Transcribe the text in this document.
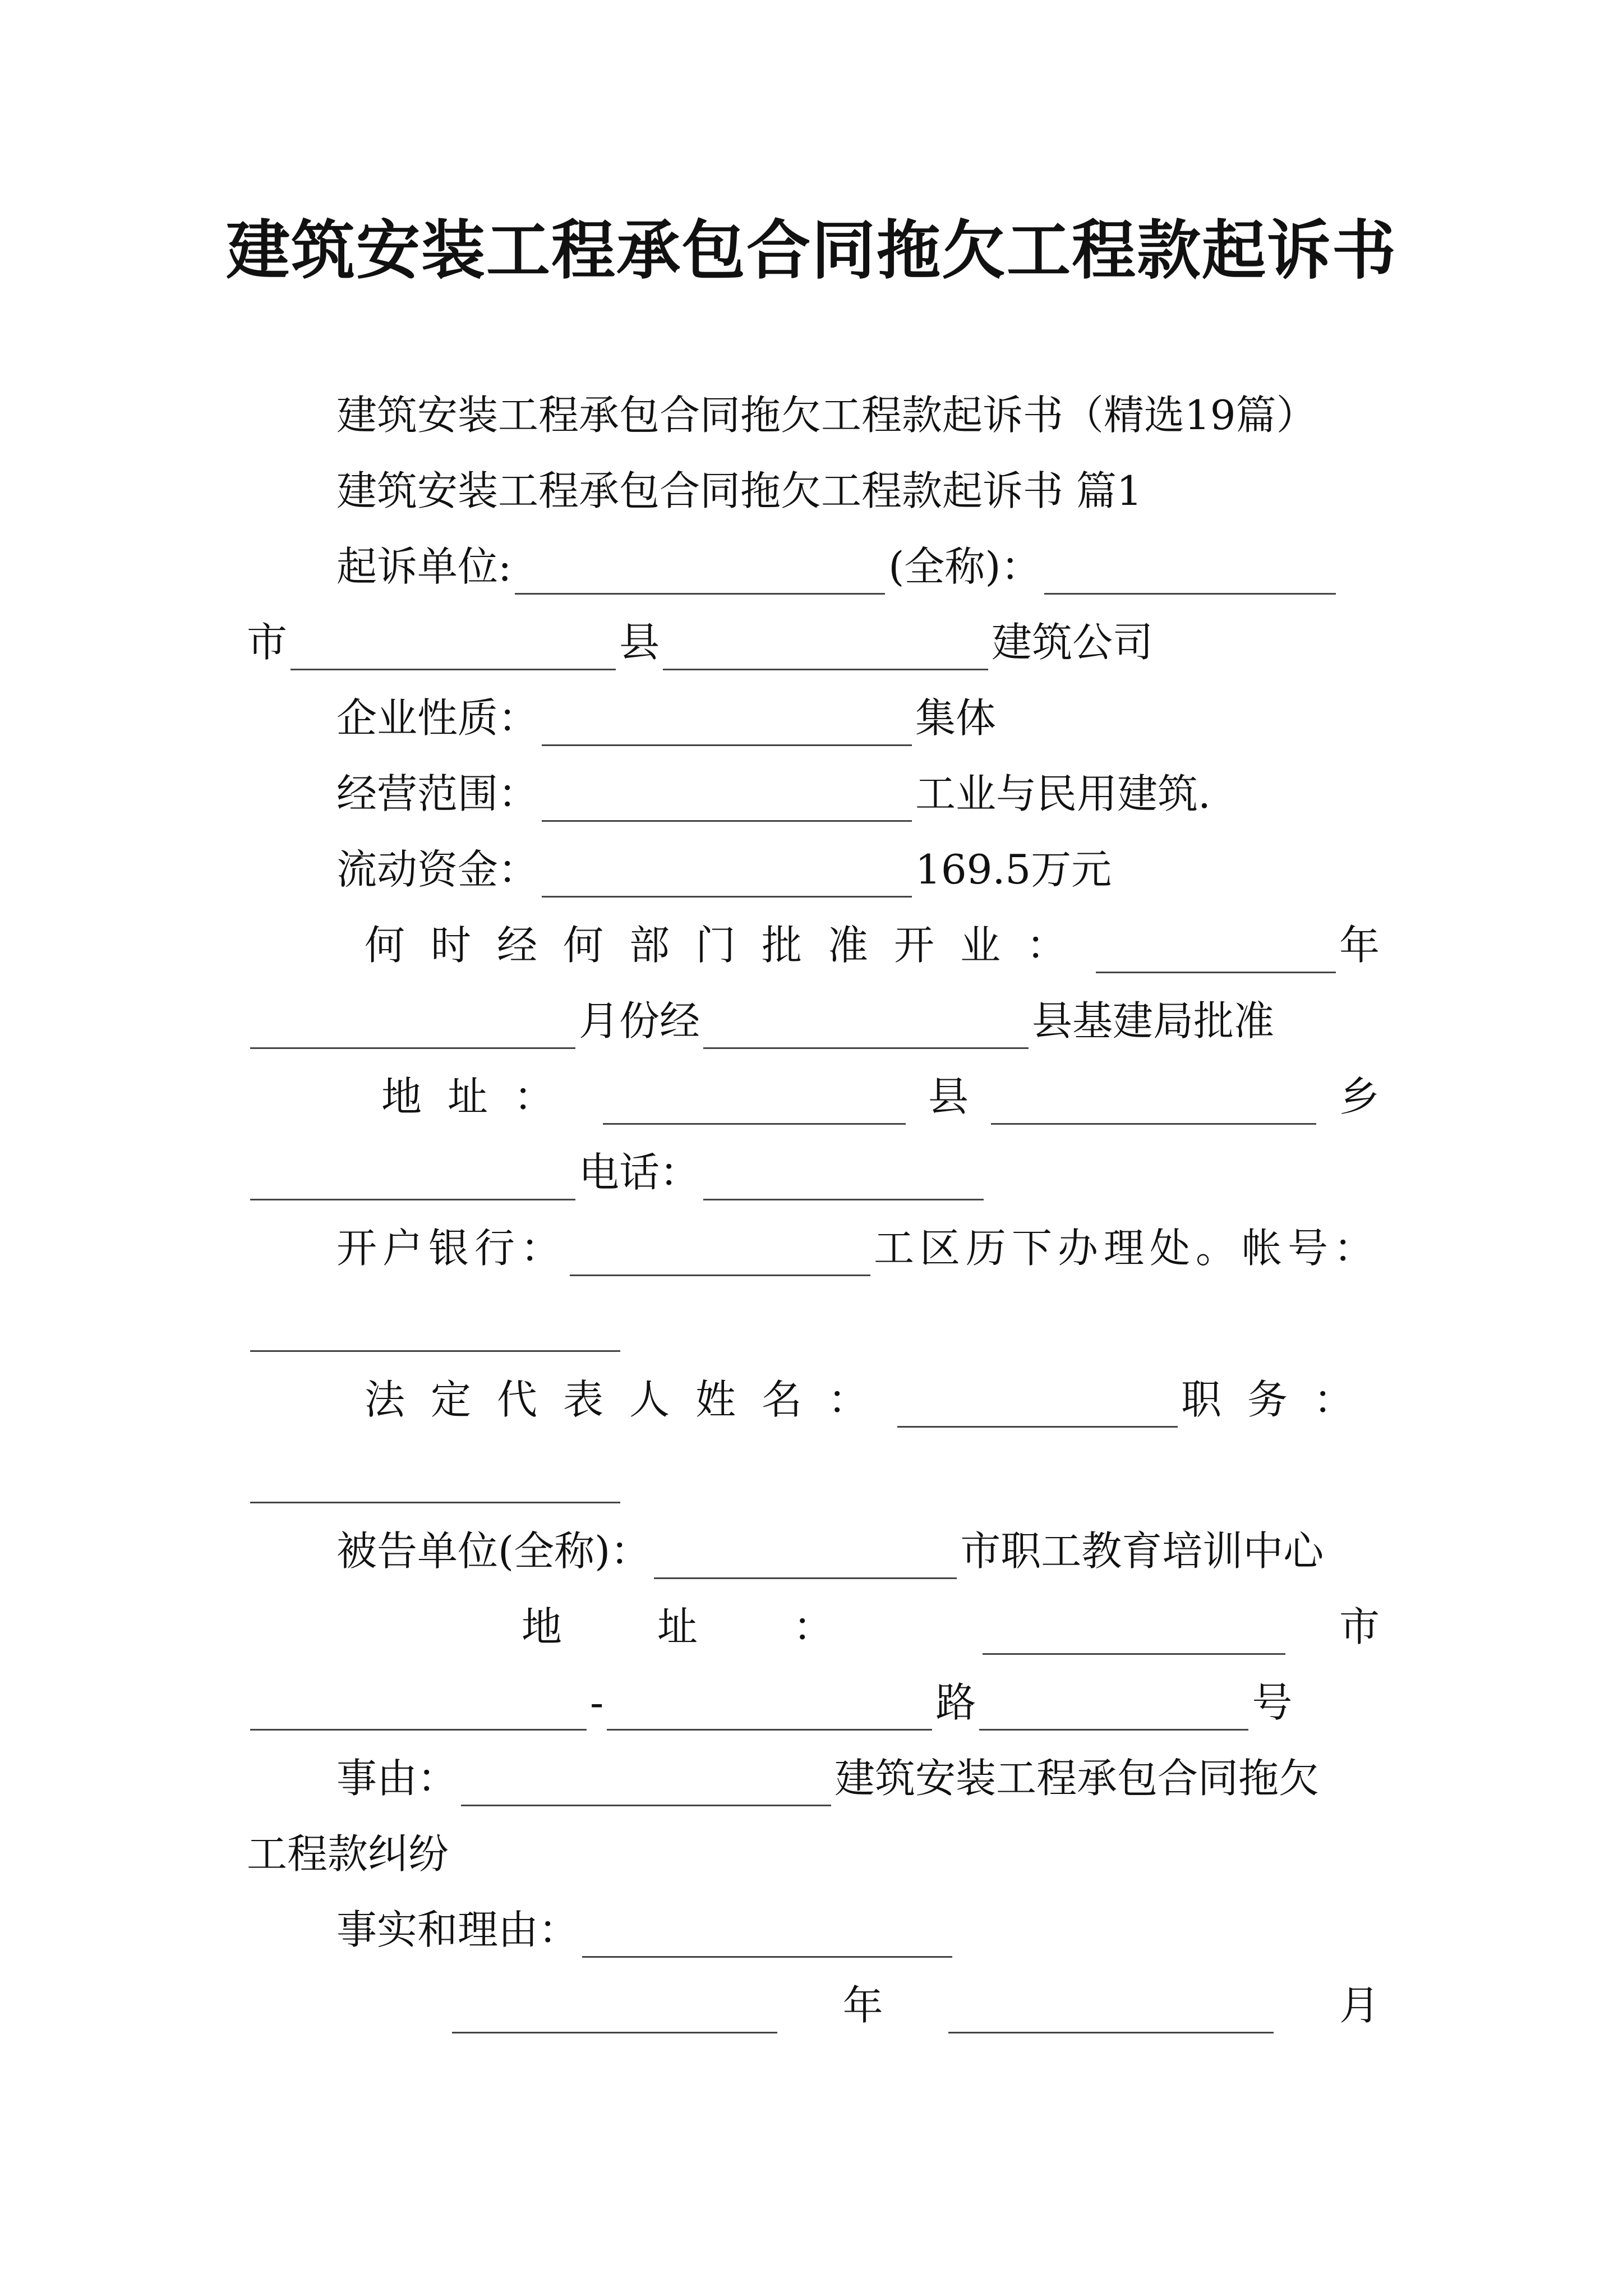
建筑安装工程承包合同拖欠工程款起诉书
建筑安装工程承包合同拖欠工程款起诉书（精选19篇）
建筑安装工程承包合同拖欠工程款起诉书 篇1
起诉单位:	(全称)：
市	县	建筑公司
企业性质：	集体
经营范围：	工业与民用建筑.
流动资金：	169.5万元
何时经何部门批准开业：	年
月份经	县基建局批准
地址：	县	乡
电话：
开户银行：	工区历下办理处。帐号：
法定代表人姓名：	职务：
被告单位(全称)：	市职工教育培训中心
地址：	市
-	路	号
事由：	建筑安装工程承包合同拖欠
工程款纠纷
事实和理由：
年	月
